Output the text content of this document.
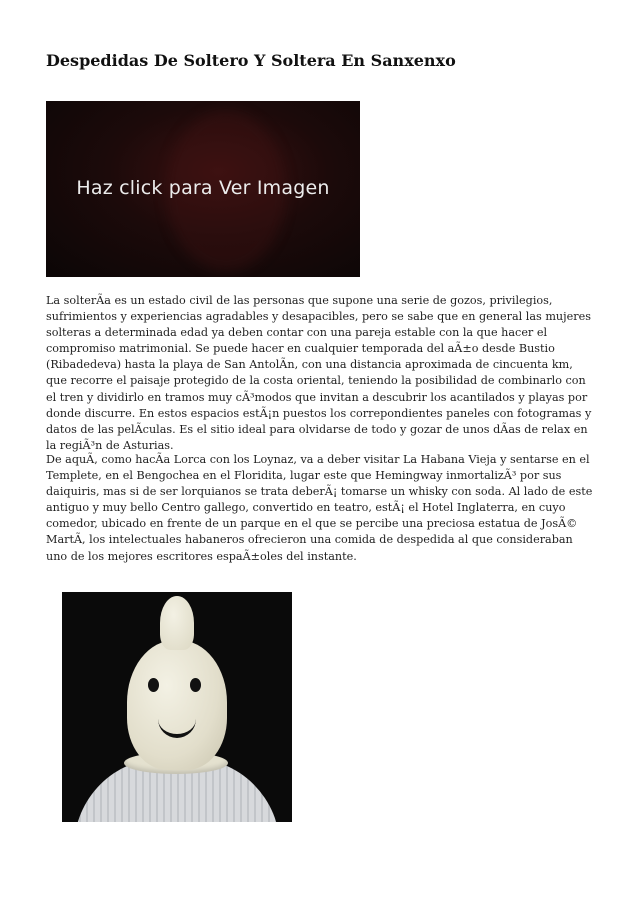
Despedidas De Soltero Y Soltera En Sanxenxo
Haz click para Ver Imagen

La solterÃa es un estado civil de las personas que supone una serie de gozos, privilegios, sufrimientos y experiencias agradables y desapacibles, pero se sabe que en general las mujeres solteras a determinada edad ya deben contar con una pareja estable con la que hacer el compromiso matrimonial. Se puede hacer en cualquier temporada del aÃ±o desde Bustio (Ribadedeva) hasta la playa de San AntolÃn, con una distancia aproximada de cincuenta km, que recorre el paisaje protegido de la costa oriental, teniendo la posibilidad de combinarlo con el tren y dividirlo en tramos muy cÃ³modos que invitan a descubrir los acantilados y playas por donde discurre. En estos espacios estÃ¡n puestos los correpondientes paneles con fotogramas y datos de las pelÃculas. Es el sitio ideal para olvidarse de todo y gozar de unos dÃas de relax en la regiÃ³n de Asturias.

De aquÃ, como hacÃa Lorca con los Loynaz, va a deber visitar La Habana Vieja y sentarse en el Templete, en el Bengochea en el Floridita, lugar este que Hemingway inmortalizÃ³ por sus daiquiris, mas si de ser lorquianos se trata deberÃ¡ tomarse un whisky con soda. Al lado de este antiguo y muy bello Centro gallego, convertido en teatro, estÃ¡ el Hotel Inglaterra, en cuyo comedor, ubicado en frente de un parque en el que se percibe una preciosa estatua de JosÃ© MartÃ, los intelectuales habaneros ofrecieron una comida de despedida al que consideraban uno de los mejores escritores espaÃ±oles del instante.
